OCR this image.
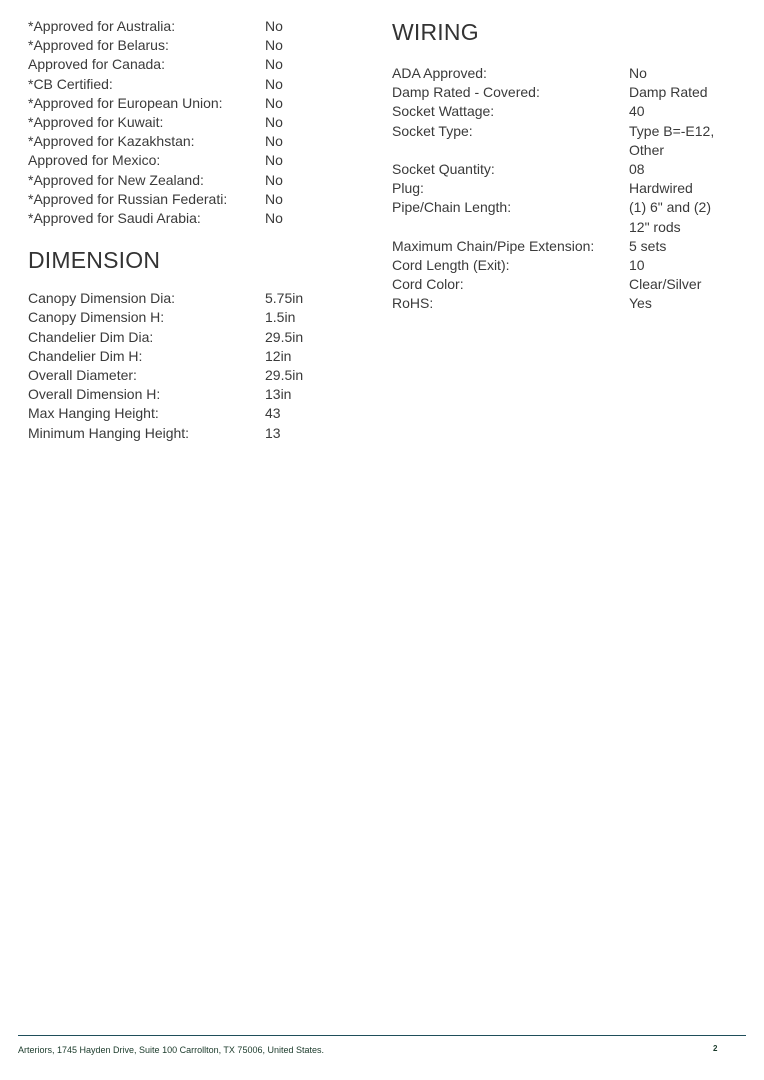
*Approved for Australia:	No
*Approved for Belarus:	No
Approved for Canada:	No
*CB Certified:	No
*Approved for European Union:	No
*Approved for Kuwait:	No
*Approved for Kazakhstan:	No
Approved for Mexico:	No
*Approved for New Zealand:	No
*Approved for Russian Federati:	No
*Approved for Saudi Arabia:	No
DIMENSION
Canopy Dimension Dia:	5.75in
Canopy Dimension H:	1.5in
Chandelier Dim Dia:	29.5in
Chandelier Dim H:	12in
Overall Diameter:	29.5in
Overall Dimension H:	13in
Max Hanging Height:	43
Minimum Hanging Height:	13
WIRING
ADA Approved:	No
Damp Rated - Covered:	Damp Rated
Socket Wattage:	40
Socket Type:	Type B=-E12,
Other
Socket Quantity:	08
Plug:	Hardwired
Pipe/Chain Length:	(1) 6" and (2)
12" rods
Maximum Chain/Pipe Extension:	5 sets
Cord Length (Exit):	10
Cord Color:	Clear/Silver
RoHS:	Yes
Arteriors, 1745 Hayden Drive, Suite 100 Carrollton, TX 75006, United States.	2
